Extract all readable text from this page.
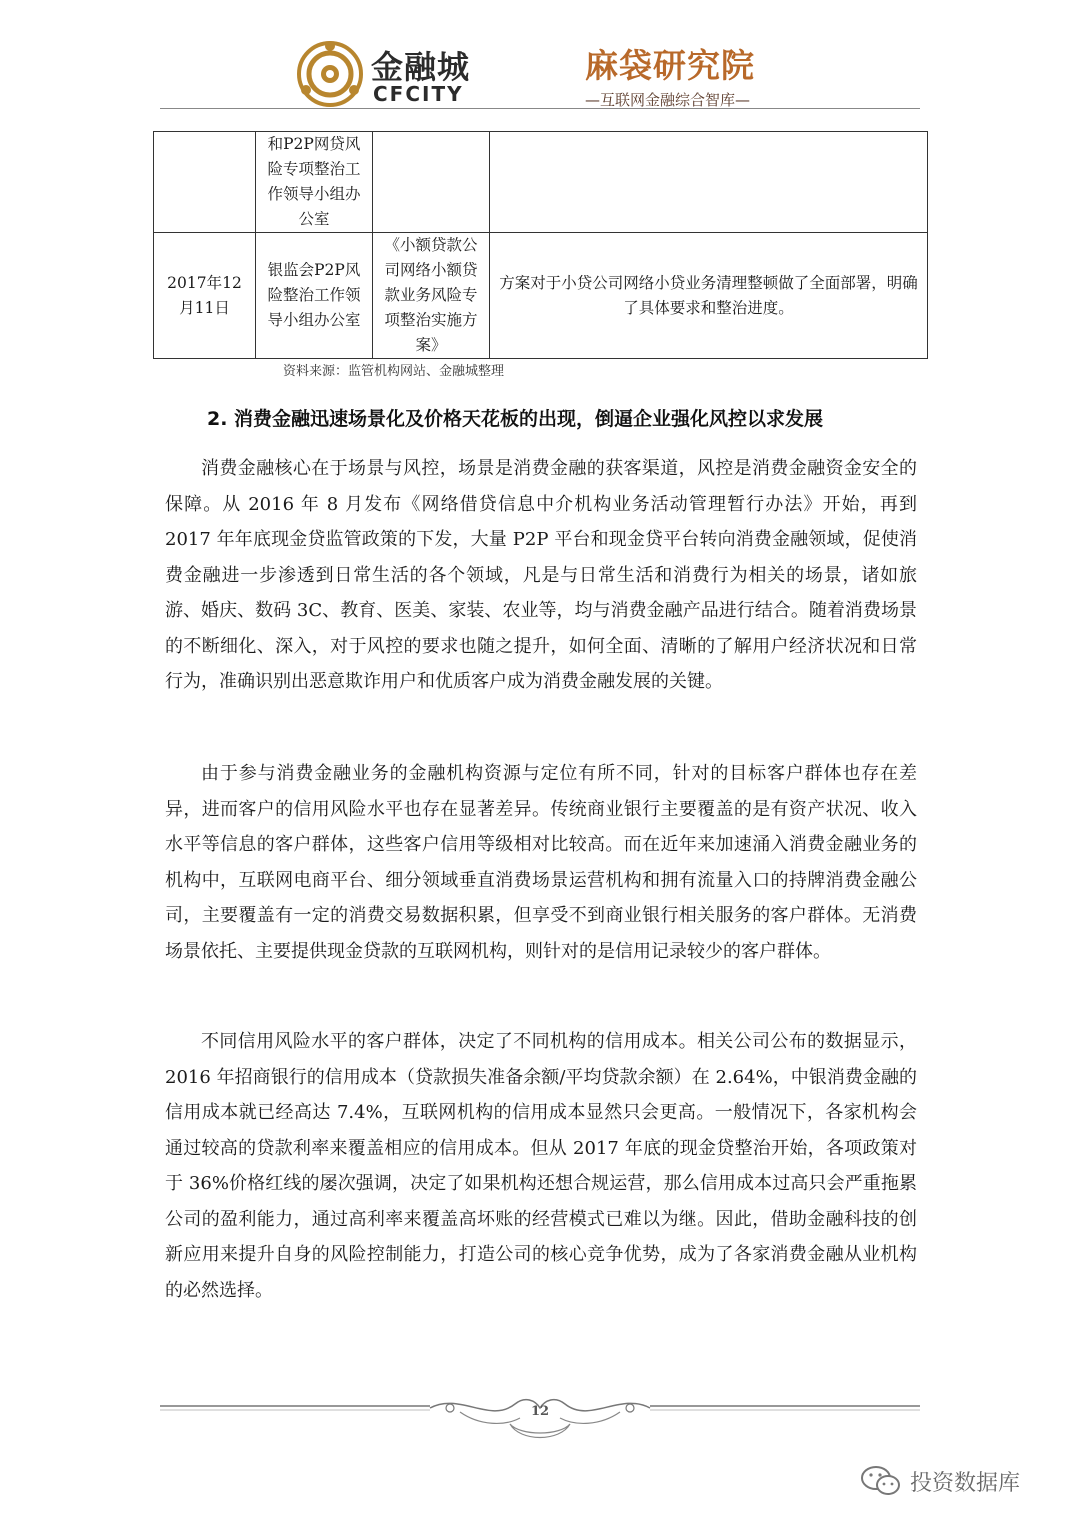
金融城
CFCITY
麻袋研究院
—互联网金融综合智库—
	和P2P网贷风险专项整治工作领导小组办公室		
2017年12月11日	银监会P2P风险整治工作领导小组办公室	《小额贷款公司网络小额贷款业务风险专项整治实施方案》	方案对于小贷公司网络小贷业务清理整顿做了全面部署，明确了具体要求和整治进度。
资料来源：监管机构网站、金融城整理
2. 消费金融迅速场景化及价格天花板的出现，倒逼企业强化风控以求发展

消费金融核心在于场景与风控，场景是消费金融的获客渠道，风控是消费金融资金安全的保障。从 2016 年 8 月发布《网络借贷信息中介机构业务活动管理暂行办法》开始，再到 2017 年年底现金贷监管政策的下发，大量 P2P 平台和现金贷平台转向消费金融领域，促使消费金融进一步渗透到日常生活的各个领域，凡是与日常生活和消费行为相关的场景，诸如旅游、婚庆、数码 3C、教育、医美、家装、农业等，均与消费金融产品进行结合。随着消费场景的不断细化、深入，对于风控的要求也随之提升，如何全面、清晰的了解用户经济状况和日常行为，准确识别出恶意欺诈用户和优质客户成为消费金融发展的关键。

由于参与消费金融业务的金融机构资源与定位有所不同，针对的目标客户群体也存在差异，进而客户的信用风险水平也存在显著差异。传统商业银行主要覆盖的是有资产状况、收入水平等信息的客户群体，这些客户信用等级相对比较高。而在近年来加速涌入消费金融业务的机构中，互联网电商平台、细分领域垂直消费场景运营机构和拥有流量入口的持牌消费金融公司，主要覆盖有一定的消费交易数据积累，但享受不到商业银行相关服务的客户群体。无消费场景依托、主要提供现金贷款的互联网机构，则针对的是信用记录较少的客户群体。

不同信用风险水平的客户群体，决定了不同机构的信用成本。相关公司公布的数据显示，2016 年招商银行的信用成本（贷款损失准备余额/平均贷款余额）在 2.64%，中银消费金融的信用成本就已经高达 7.4%，互联网机构的信用成本显然只会更高。一般情况下，各家机构会通过较高的贷款利率来覆盖相应的信用成本。但从 2017 年底的现金贷整治开始，各项政策对于 36%价格红线的屡次强调，决定了如果机构还想合规运营，那么信用成本过高只会严重拖累公司的盈利能力，通过高利率来覆盖高坏账的经营模式已难以为继。因此，借助金融科技的创新应用来提升自身的风险控制能力，打造公司的核心竞争优势，成为了各家消费金融从业机构的必然选择。

12
投资数据库
